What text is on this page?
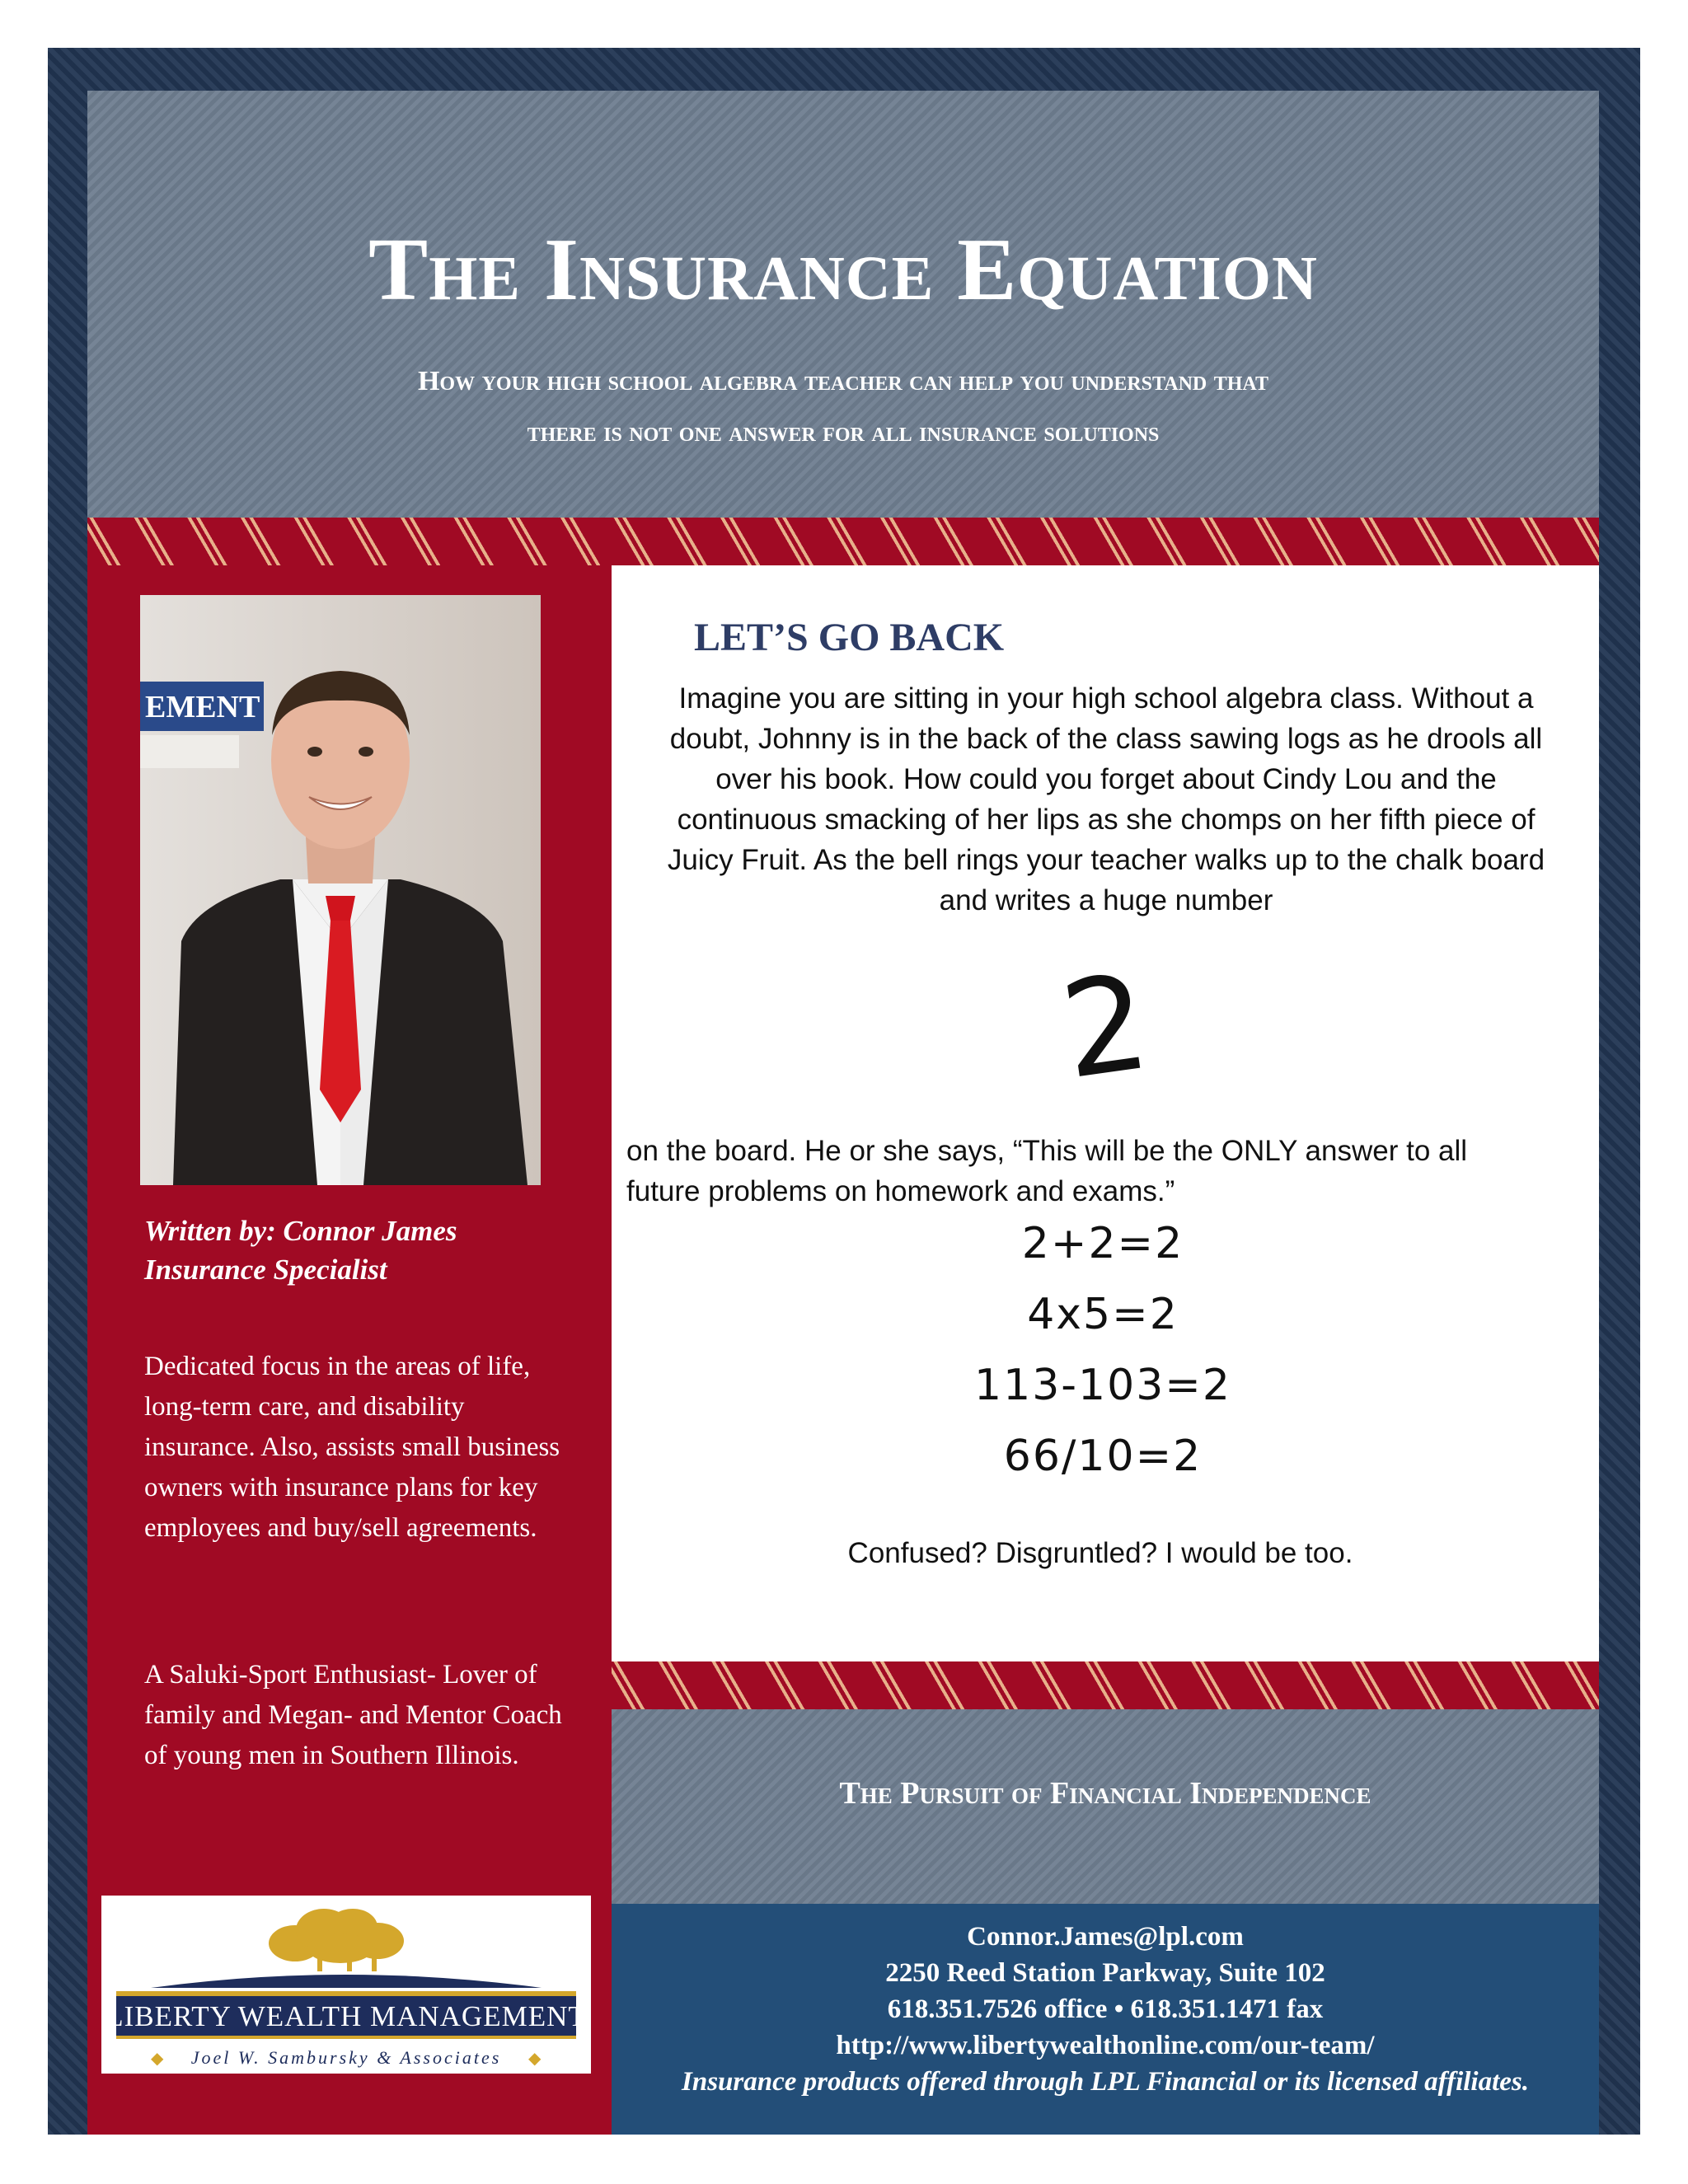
The Insurance Equation
How your high school algebra teacher can help you understand that
there is not one answer for all insurance solutions
EMENT
Written by: Connor James
Insurance Specialist

Dedicated focus in the areas of life, long-term care, and disability insurance. Also, assists small business owners with insurance plans for key employees and buy/sell agreements.

A Saluki-Sport Enthusiast- Lover of family and Megan- and Mentor Coach of young men in Southern Illinois.

LIBERTY WEALTH MANAGEMENT
Joel W. Sambursky & Associates
◆	◆
LET’S GO BACK

Imagine you are sitting in your high school algebra class. Without a
doubt, Johnny is in the back of the class sawing logs as he drools all
over his book. How could you forget about Cindy Lou and the
continuous smacking of her lips as she chomps on her fifth piece of
Juicy Fruit. As the bell rings your teacher walks up to the chalk board
and writes a huge number

2

on the board. He or she says, “This will be the ONLY answer to all
future problems on homework and exams.”

2+2=2
4x5=2
113-103=2
66/10=2

Confused? Disgruntled? I would be too.

The Pursuit of Financial Independence
Connor.James@lpl.com
2250 Reed Station Parkway, Suite 102
618.351.7526 office • 618.351.1471 fax
http://www.libertywealthonline.com/our-team/
Insurance products offered through LPL Financial or its licensed affiliates.
